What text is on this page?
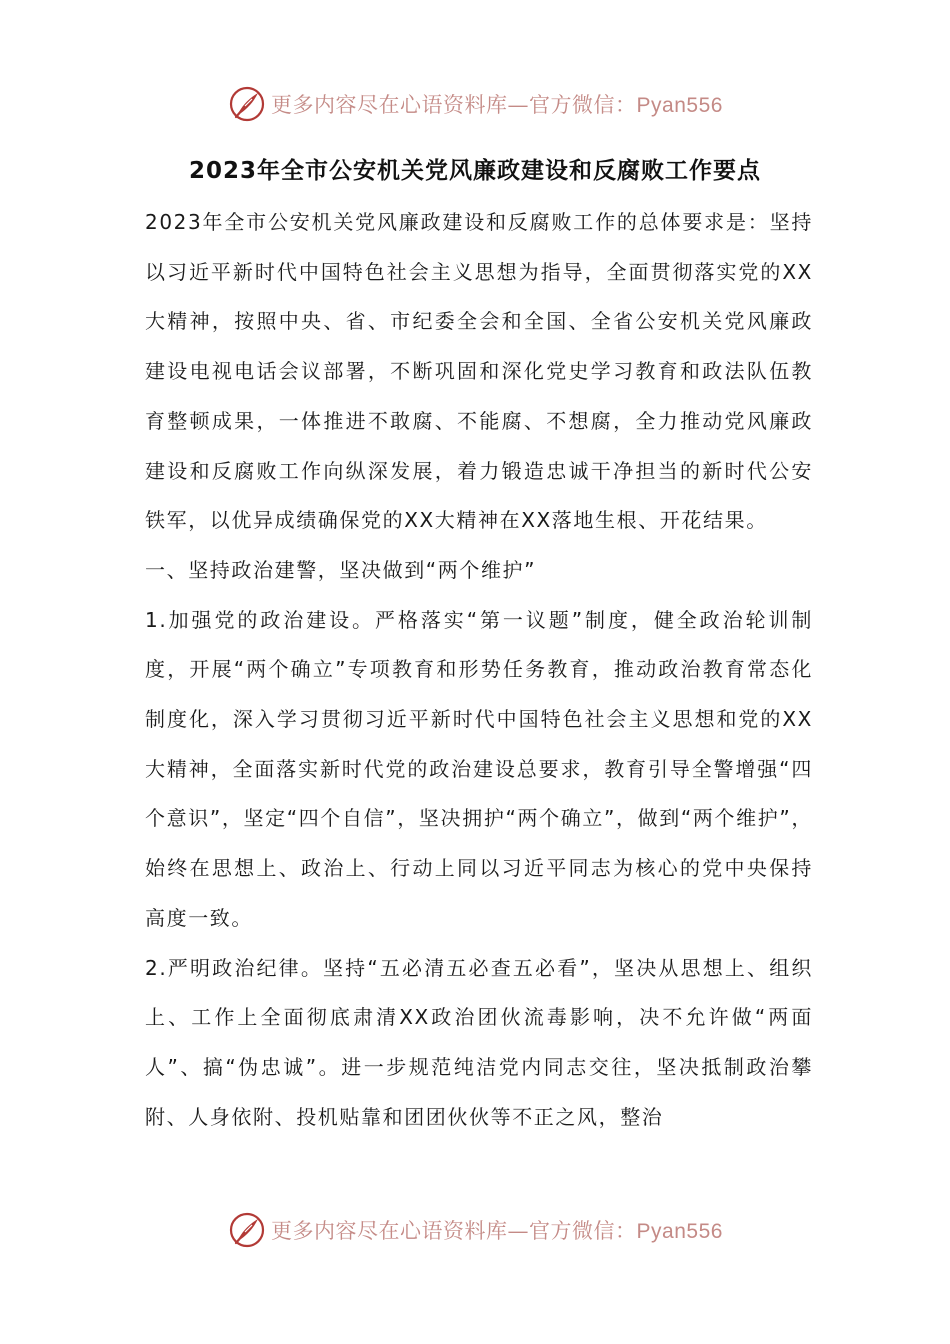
更多内容尽在心语资料库—官方微信：Pyan556
2023年全市公安机关党风廉政建设和反腐败工作要点

2023年全市公安机关党风廉政建设和反腐败工作的总体要求是：坚持以习近平新时代中国特色社会主义思想为指导，全面贯彻落实党的XX大精神，按照中央、省、市纪委全会和全国、全省公安机关党风廉政建设电视电话会议部署，不断巩固和深化党史学习教育和政法队伍教育整顿成果，一体推进不敢腐、不能腐、不想腐，全力推动党风廉政建设和反腐败工作向纵深发展，着力锻造忠诚干净担当的新时代公安铁军，以优异成绩确保党的XX大精神在XX落地生根、开花结果。

一、坚持政治建警，坚决做到“两个维护”

1.加强党的政治建设。严格落实“第一议题”制度，健全政治轮训制度，开展“两个确立”专项教育和形势任务教育，推动政治教育常态化制度化，深入学习贯彻习近平新时代中国特色社会主义思想和党的XX大精神，全面落实新时代党的政治建设总要求，教育引导全警增强“四个意识”，坚定“四个自信”，坚决拥护“两个确立”，做到“两个维护”，始终在思想上、政治上、行动上同以习近平同志为核心的党中央保持高度一致。

2.严明政治纪律。坚持“五必清五必查五必看”，坚决从思想上、组织上、工作上全面彻底肃清XX政治团伙流毒影响，决不允许做“两面人”、搞“伪忠诚”。进一步规范纯洁党内同志交往，坚决抵制政治攀附、人身依附、投机贴靠和团团伙伙等不正之风，整治

更多内容尽在心语资料库—官方微信：Pyan556
